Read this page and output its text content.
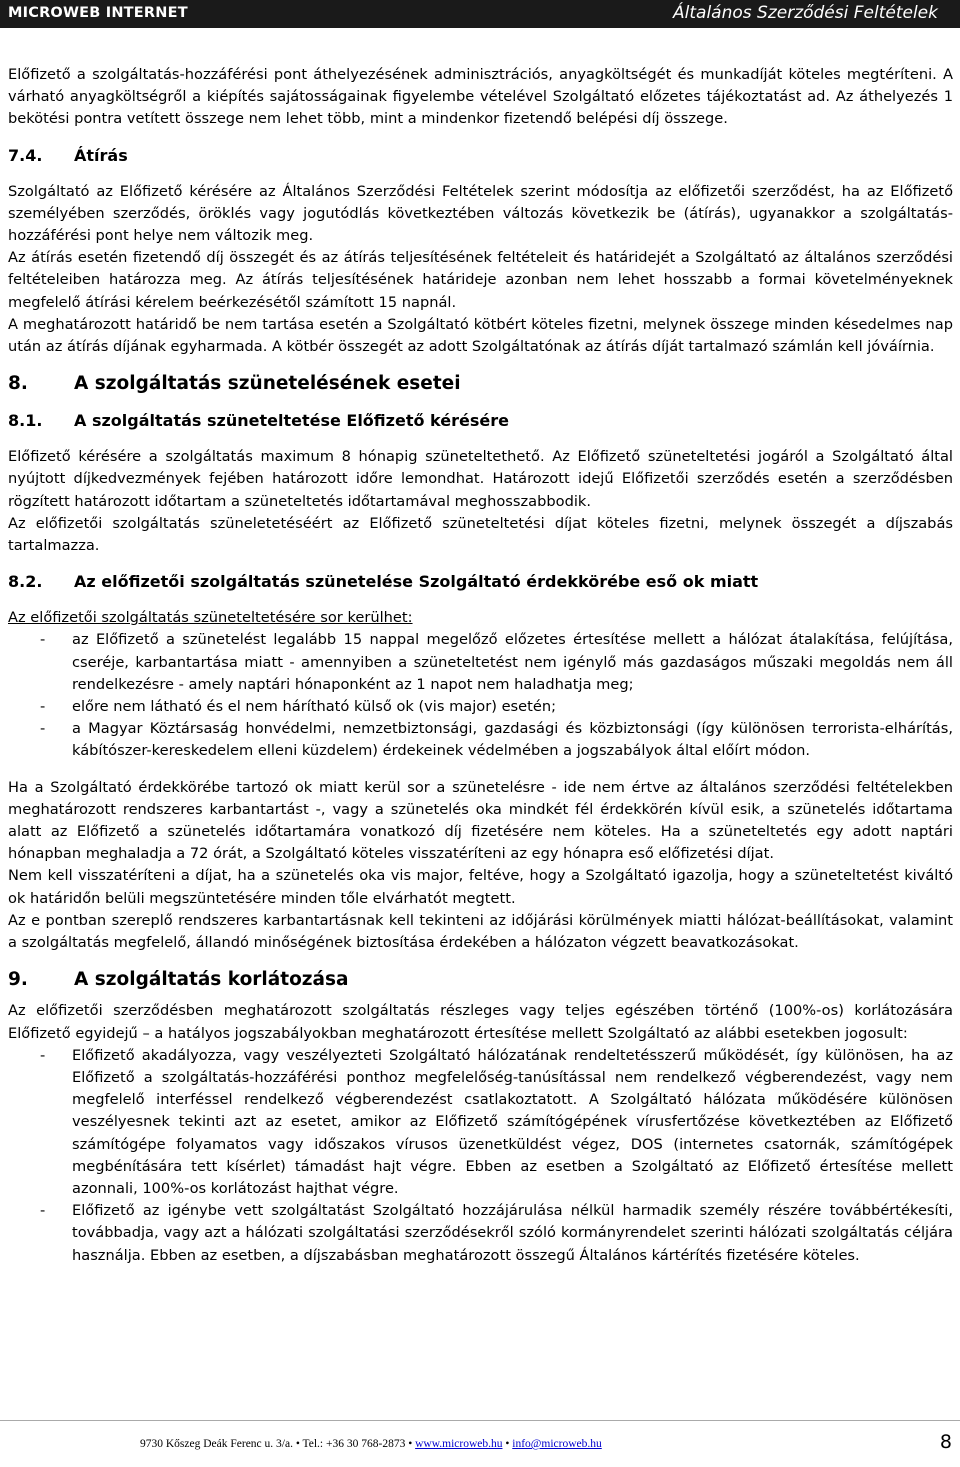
MICROWEB INTERNET	Általános Szerződési Feltételek

Előfizető a szolgáltatás-hozzáférési pont áthelyezésének adminisztrációs, anyagköltségét és munkadíját köteles megtéríteni. A várható anyagköltségről a kiépítés sajátosságainak figyelembe vételével Szolgáltató előzetes tájékoztatást ad. Az áthelyezés 1 bekötési pontra vetített összege nem lehet több, mint a mindenkor fizetendő belépési díj összege.

7.4.	Átírás

Szolgáltató az Előfizető kérésére az Általános Szerződési Feltételek szerint módosítja az előfizetői szerződést, ha az Előfizető személyében szerződés, öröklés vagy jogutódlás következtében változás következik be (átírás), ugyanakkor a szolgáltatás-hozzáférési pont helye nem változik meg.

Az átírás esetén fizetendő díj összegét és az átírás teljesítésének feltételeit és határidejét a Szolgáltató az általános szerződési feltételeiben határozza meg. Az átírás teljesítésének határideje azonban nem lehet hosszabb a formai követelményeknek megfelelő átírási kérelem beérkezésétől számított 15 napnál.

A meghatározott határidő be nem tartása esetén a Szolgáltató kötbért köteles fizetni, melynek összege minden késedelmes nap után az átírás díjának egyharmada. A kötbér összegét az adott Szolgáltatónak az átírás díját tartalmazó számlán kell jóváírnia.

8.	A szolgáltatás szünetelésének esetei
8.1.	A szolgáltatás szüneteltetése Előfizető kérésére

Előfizető kérésére a szolgáltatás maximum 8 hónapig szüneteltethető. Az Előfizető szüneteltetési jogáról a Szolgáltató által nyújtott díjkedvezmények fejében határozott időre lemondhat. Határozott idejű Előfizetői szerződés esetén a szerződésben rögzített határozott időtartam a szüneteltetés időtartamával meghosszabbodik.

Az előfizetői szolgáltatás szüneletetéséért az Előfizető szüneteltetési díjat köteles fizetni, melynek összegét a díjszabás tartalmazza.

8.2.	Az előfizetői szolgáltatás szünetelése Szolgáltató érdekkörébe eső ok miatt

Az előfizetői szolgáltatás szüneteltetésére sor kerülhet:

- az Előfizető a szünetelést legalább 15 nappal megelőző előzetes értesítése mellett a hálózat átalakítása, felújítása, cseréje, karbantartása miatt - amennyiben a szüneteltetést nem igénylő más gazdaságos műszaki megoldás nem áll rendelkezésre - amely naptári hónaponként az 1 napot nem haladhatja meg;
- előre nem látható és el nem hárítható külső ok (vis major) esetén;
- a Magyar Köztársaság honvédelmi, nemzetbiztonsági, gazdasági és közbiztonsági (így különösen terrorista-elhárítás, kábítószer-kereskedelem elleni küzdelem) érdekeinek védelmében a jogszabályok által előírt módon.

Ha a Szolgáltató érdekkörébe tartozó ok miatt kerül sor a szünetelésre - ide nem értve az általános szerződési feltételekben meghatározott rendszeres karbantartást -, vagy a szünetelés oka mindkét fél érdekkörén kívül esik, a szünetelés időtartama alatt az Előfizető a szünetelés időtartamára vonatkozó díj fizetésére nem köteles. Ha a szüneteltetés egy adott naptári hónapban meghaladja a 72 órát, a Szolgáltató köteles visszatéríteni az egy hónapra eső előfizetési díjat.

Nem kell visszatéríteni a díjat, ha a szünetelés oka vis major, feltéve, hogy a Szolgáltató igazolja, hogy a szüneteltetést kiváltó ok határidőn belüli megszüntetésére minden tőle elvárhatót megtett.

Az e pontban szereplő rendszeres karbantartásnak kell tekinteni az időjárási körülmények miatti hálózat-beállításokat, valamint a szolgáltatás megfelelő, állandó minőségének biztosítása érdekében a hálózaton végzett beavatkozásokat.

9.	A szolgáltatás korlátozása

Az előfizetői szerződésben meghatározott szolgáltatás részleges vagy teljes egészében történő (100%-os) korlátozására Előfizető egyidejű – a hatályos jogszabályokban meghatározott értesítése mellett Szolgáltató az alábbi esetekben jogosult:

- Előfizető akadályozza, vagy veszélyezteti Szolgáltató hálózatának rendeltetésszerű működését, így különösen, ha az Előfizető a szolgáltatás-hozzáférési ponthoz megfelelőség-tanúsítással nem rendelkező végberendezést, vagy nem megfelelő interféssel rendelkező végberendezést csatlakoztatott. A Szolgáltató hálózata működésére különösen veszélyesnek tekinti azt az esetet, amikor az Előfizető számítógépének vírusfertőzése következtében az Előfizető számítógépe folyamatos vagy időszakos vírusos üzenetküldést végez, DOS (internetes csatornák, számítógépek megbénítására tett kísérlet) támadást hajt végre. Ebben az esetben a Szolgáltató az Előfizető értesítése mellett azonnali, 100%-os korlátozást hajthat végre.
- Előfizető az igénybe vett szolgáltatást Szolgáltató hozzájárulása nélkül harmadik személy részére továbbértékesíti, továbbadja, vagy azt a hálózati szolgáltatási szerződésekről szóló kormányrendelet szerinti hálózati szolgáltatás céljára használja. Ebben az esetben, a díjszabásban meghatározott összegű Általános kártérítés fizetésére köteles.
9730 Kőszeg Deák Ferenc u. 3/a. • Tel.: +36 30 768-2873 • www.microweb.hu • info@microweb.hu	8
